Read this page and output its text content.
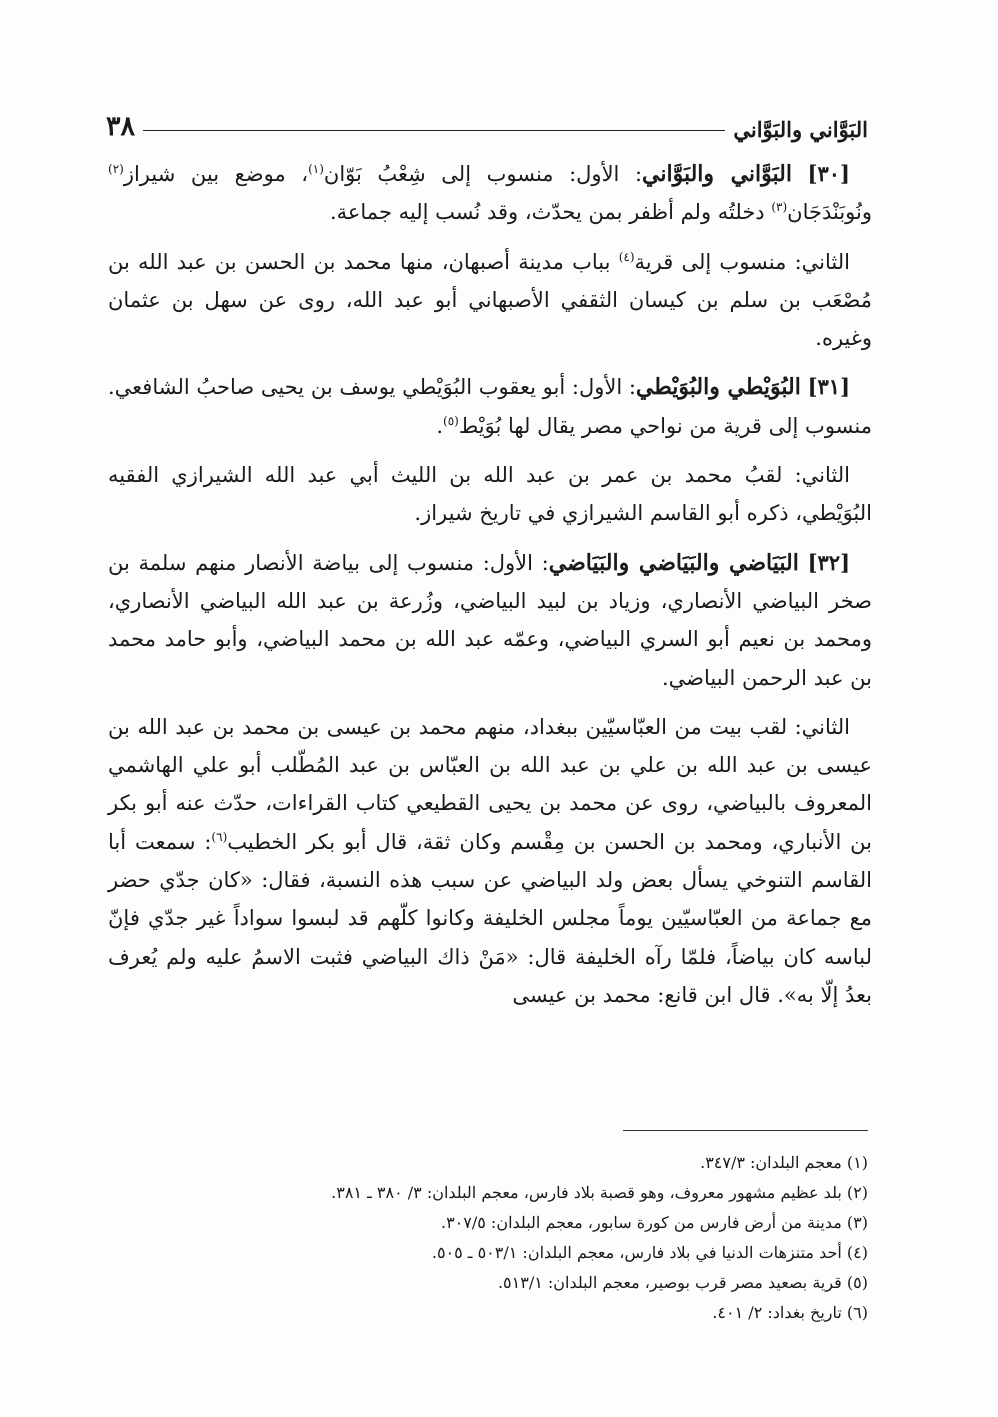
البَوَّاني والبَوَّاني
٣٨

[٣٠] البَوَّاني والبَوَّاني: الأول: منسوب إلى شِعْبُ بَوّان$^{(١)}$، موضع بين شيراز$^{(٢)}$ ونُوبَنْدَجَان$^{(٣)}$ دخلتُه ولم أظفر بمن يحدّث، وقد نُسب إليه جماعة.

الثاني: منسوب إلى قرية$^{(٤)}$ بباب مدينة أصبهان، منها محمد بن الحسن بن عبد الله بن مُصْعَب بن سلم بن كيسان الثقفي الأصبهاني أبو عبد الله، روى عن سهل بن عثمان وغيره.

[٣١] البُوَيْطي والبُوَيْطي: الأول: أبو يعقوب البُوَيْطي يوسف بن يحيى صاحبُ الشافعي. منسوب إلى قرية من نواحي مصر يقال لها بُوَيْط$^{(٥)}$.

الثاني: لقبُ محمد بن عمر بن عبد الله بن الليث أبي عبد الله الشيرازي الفقيه البُوَيْطي، ذكره أبو القاسم الشيرازي في تاريخ شيراز.

[٣٢] البَيَاضي والبَيَاضي والبَيَاضي: الأول: منسوب إلى بياضة الأنصار منهم سلمة بن صخر البياضي الأنصاري، وزياد بن لبيد البياضي، وزُرعة بن عبد الله البياضي الأنصاري، ومحمد بن نعيم أبو السري البياضي، وعمّه عبد الله بن محمد البياضي، وأبو حامد محمد بن عبد الرحمن البياضي.

الثاني: لقب بيت من العبّاسيّين ببغداد، منهم محمد بن عيسى بن محمد بن عبد الله بن عيسى بن عبد الله بن علي بن عبد الله بن العبّاس بن عبد المُطّلب أبو علي الهاشمي المعروف بالبياضي، روى عن محمد بن يحيى القطيعي كتاب القراءات، حدّث عنه أبو بكر بن الأنباري، ومحمد بن الحسن بن مِقْسم وكان ثقة، قال أبو بكر الخطيب$^{(٦)}$: سمعت أبا القاسم التنوخي يسأل بعض ولد البياضي عن سبب هذه النسبة، فقال: «كان جدّي حضر مع جماعة من العبّاسيّين يوماً مجلس الخليفة وكانوا كلّهم قد لبسوا سواداً غير جدّي فإنّ لباسه كان بياضاً، فلمّا رآه الخليفة قال: «مَنْ ذاك البياضي فثبت الاسمُ عليه ولم يُعرف بعدُ إلّا به». قال ابن قانع: محمد بن عيسى

(١) معجم البلدان: ٣٤٧/٣.

(٢) بلد عظيم مشهور معروف، وهو قصبة بلاد فارس، معجم البلدان: ٣/ ٣٨٠ ـ ٣٨١.

(٣) مدينة من أرض فارس من كورة سابور، معجم البلدان: ٣٠٧/٥.

(٤) أحد متنزهات الدنيا في بلاد فارس، معجم البلدان: ٥٠٣/١ ـ ٥٠٥.

(٥) قرية بصعيد مصر قرب بوصير، معجم البلدان: ٥١٣/١.

(٦) تاريخ بغداد: ٢/ ٤٠١.
